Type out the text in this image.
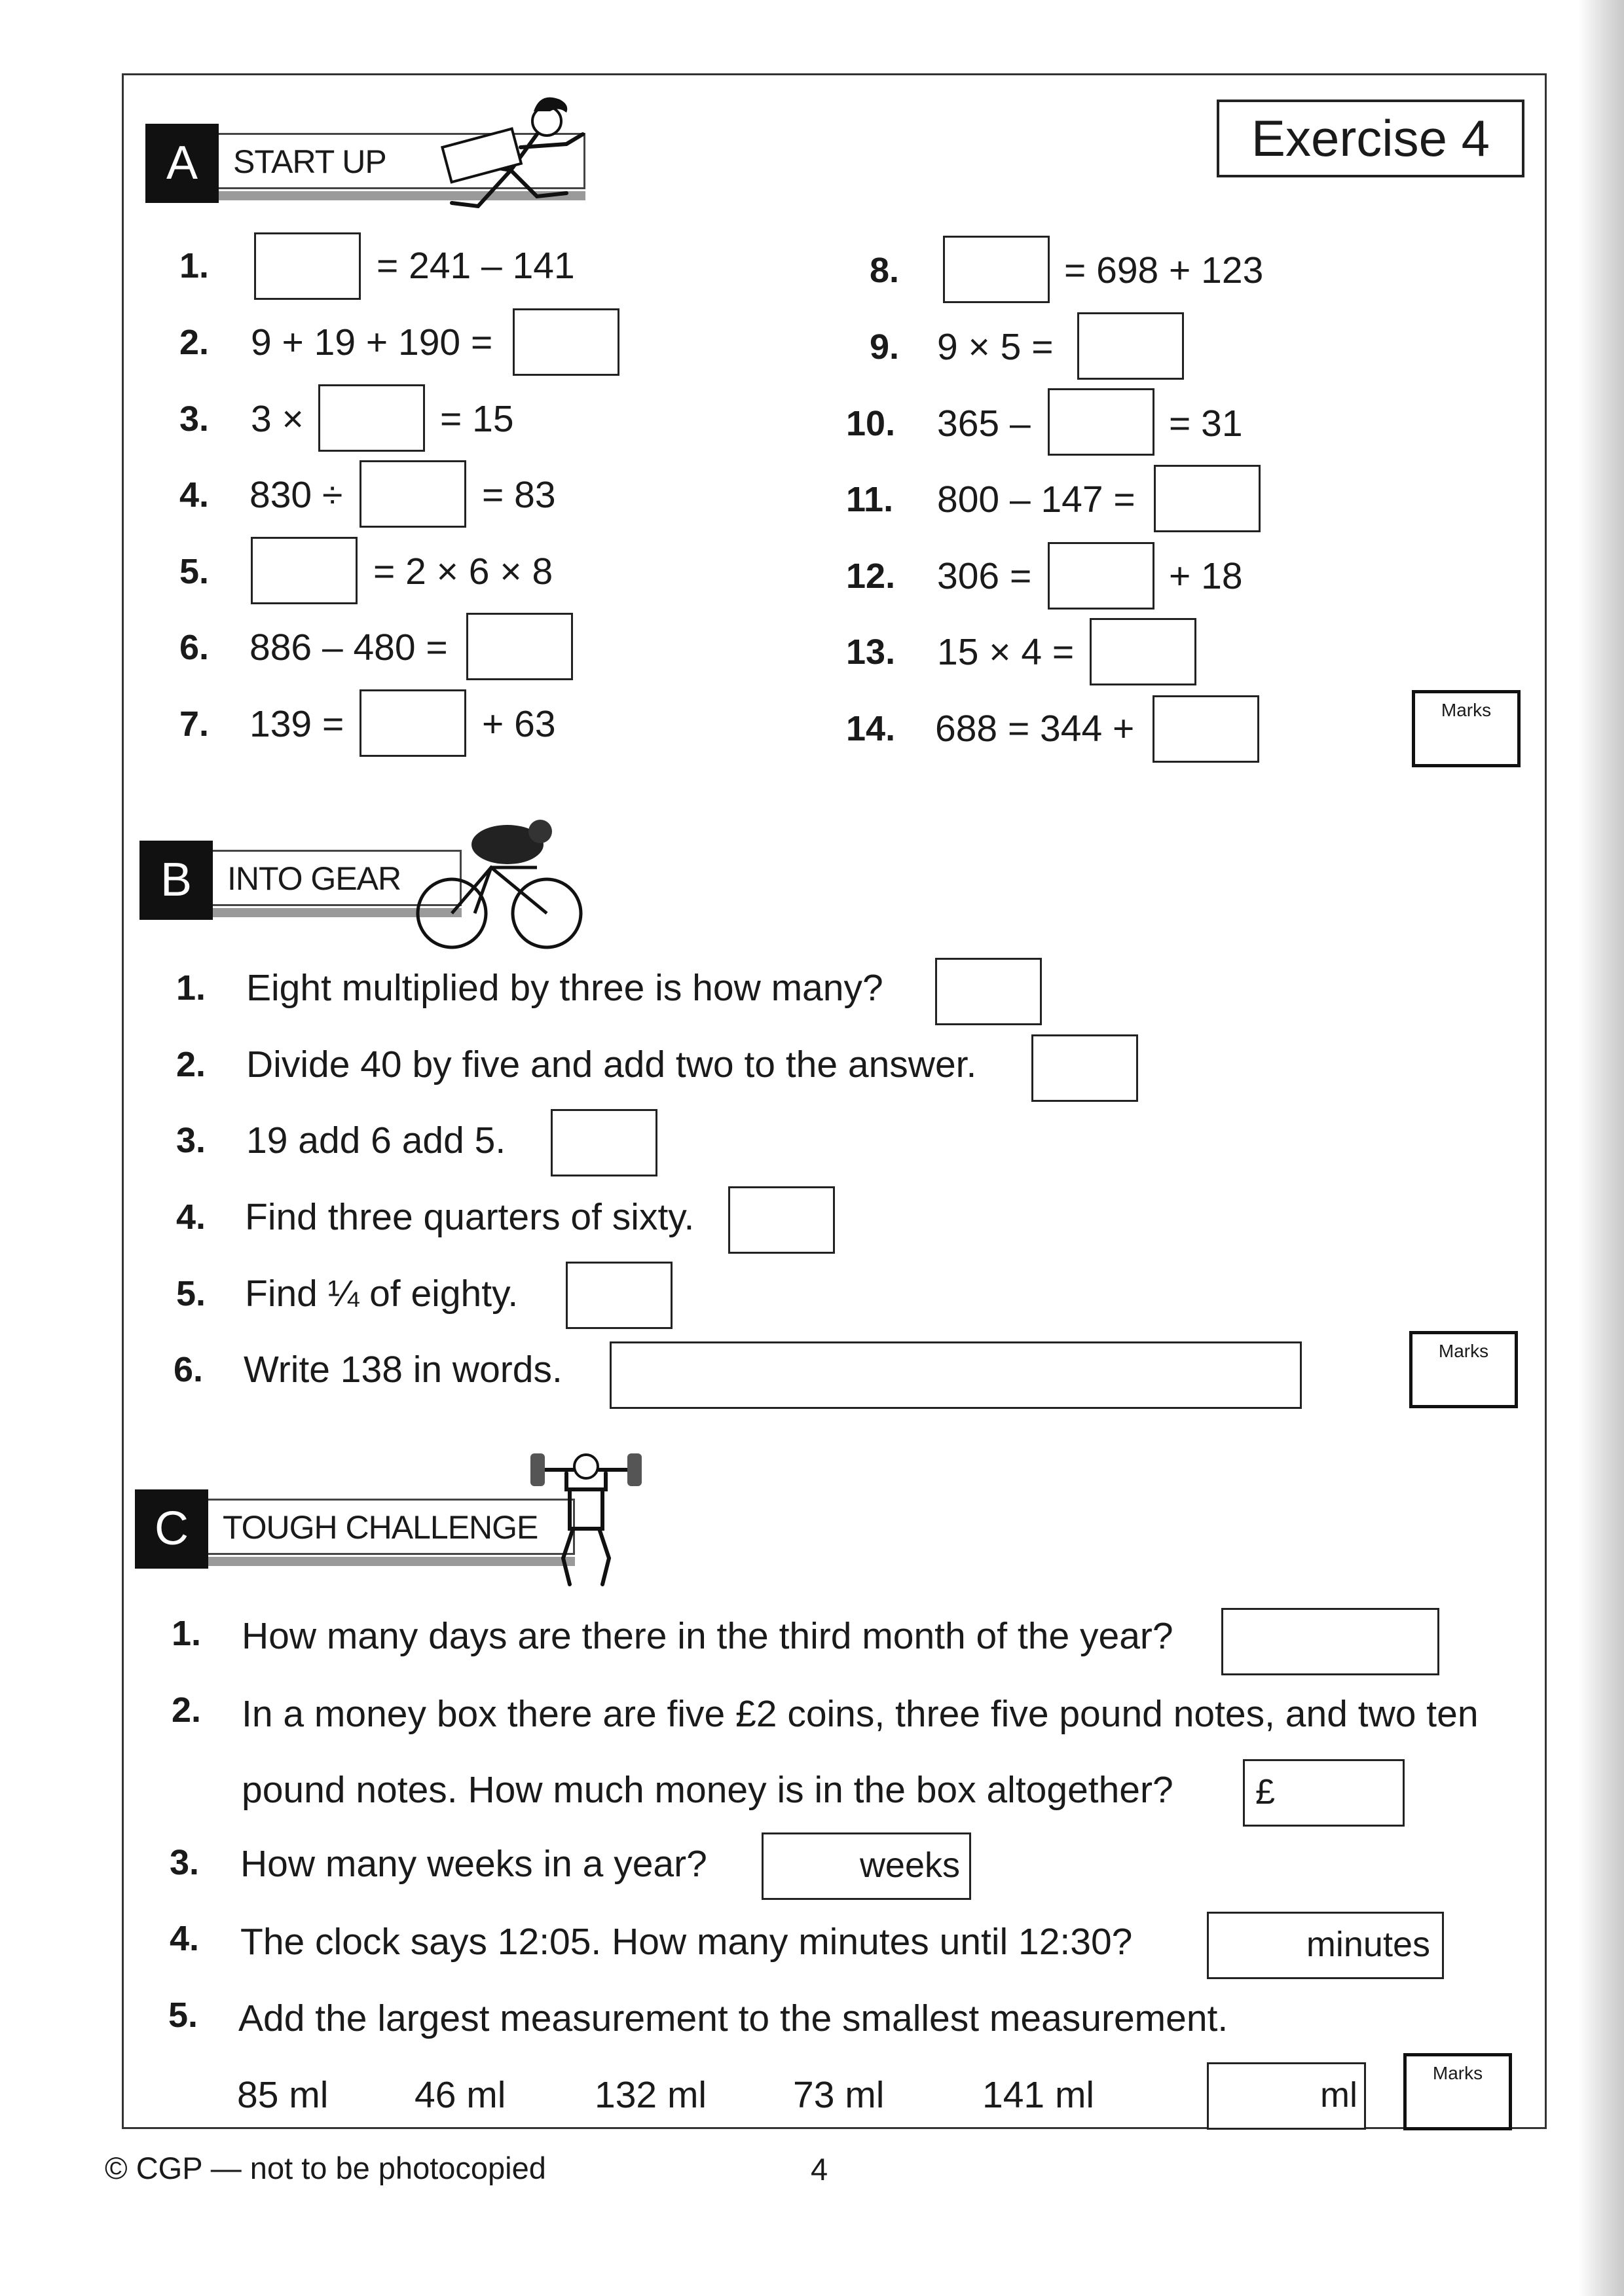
Exercise 4
A	START UP
1.	= 241 – 141
2. 9 + 19 + 190 =
3. 3 ×	= 15
4. 830 ÷	= 83
5.	= 2 × 6 × 8
6. 886 – 480 =
7. 139 =	+ 63
8.	= 698 + 123
9. 9 × 5 =
10. 365 –	= 31
11. 800 – 147 =
12. 306 =	+ 18
13. 15 × 4 =
14. 688 = 344 +	Marks
B	INTO GEAR
1. Eight multiplied by three is how many?
2. Divide 40 by five and add two to the answer.
3. 19 add 6 add 5.
4. Find three quarters of sixty.
5. Find ¼ of eighty.
6. Write 138 in words.	Marks
C	TOUGH CHALLENGE
1. How many days are there in the third month of the year?
2. In a money box there are five £2 coins, three five pound notes, and two ten
pound notes. How much money is in the box altogether?	£
3. How many weeks in a year?	weeks
4. The clock says 12:05. How many minutes until 12:30?	minutes
5. Add the largest measurement to the smallest measurement.
85 ml 46 ml 132 ml 73 ml	141 ml	ml
Marks
© CGP — not to be photocopied	4
